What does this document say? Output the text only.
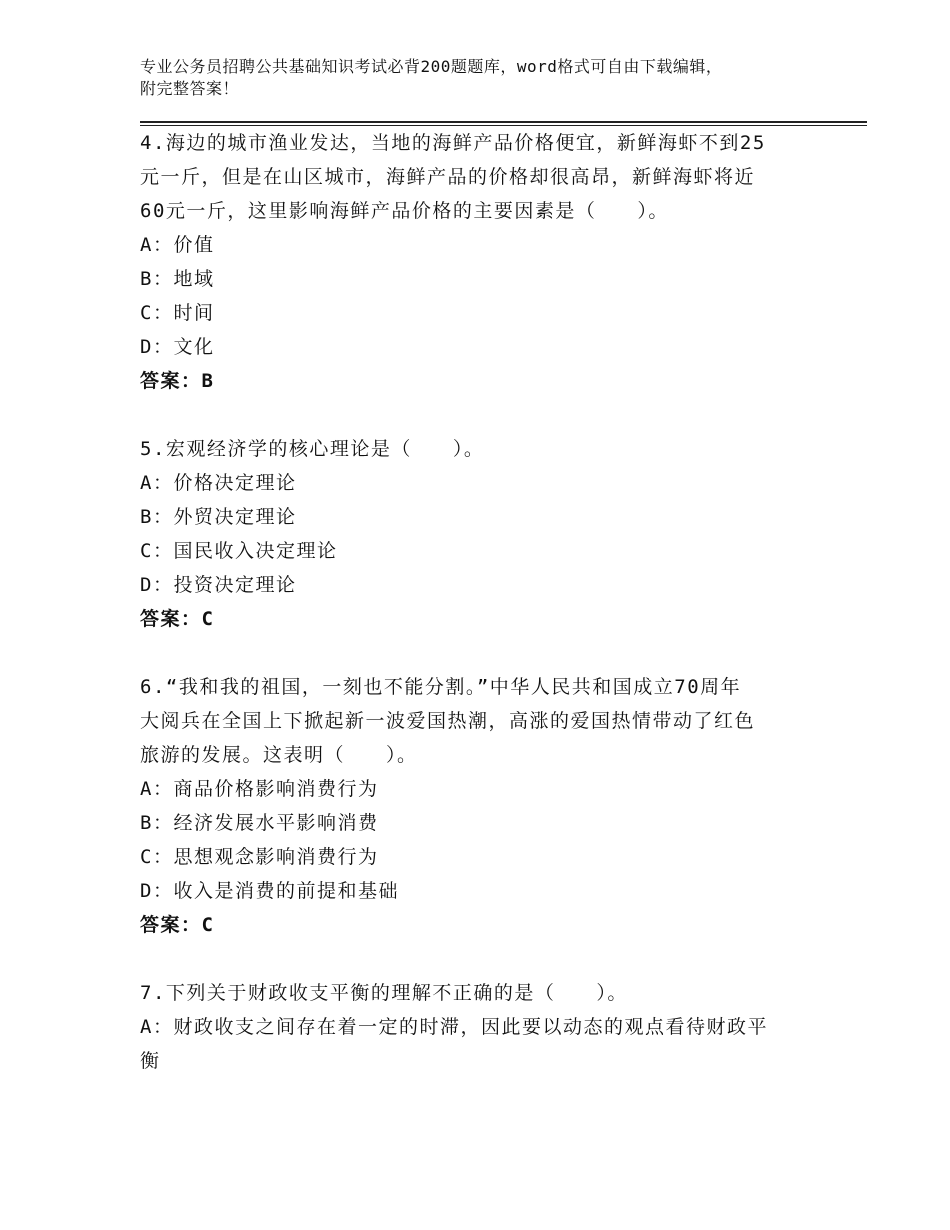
专业公务员招聘公共基础知识考试必背200题题库，word格式可自由下载编辑，
附完整答案！

4.海边的城市渔业发达，当地的海鲜产品价格便宜，新鲜海虾不到25

元一斤，但是在山区城市，海鲜产品的价格却很高昂，新鲜海虾将近

60元一斤，这里影响海鲜产品价格的主要因素是（　　）。

A：价值

B：地域

C：时间

D：文化

答案：B

5.宏观经济学的核心理论是（　　）。

A：价格决定理论

B：外贸决定理论

C：国民收入决定理论

D：投资决定理论

答案：C

6.“我和我的祖国，一刻也不能分割。”中华人民共和国成立70周年

大阅兵在全国上下掀起新一波爱国热潮，高涨的爱国热情带动了红色

旅游的发展。这表明（　　）。

A：商品价格影响消费行为

B：经济发展水平影响消费

C：思想观念影响消费行为

D：收入是消费的前提和基础

答案：C

7.下列关于财政收支平衡的理解不正确的是（　　）。

A：财政收支之间存在着一定的时滞，因此要以动态的观点看待财政平

衡
